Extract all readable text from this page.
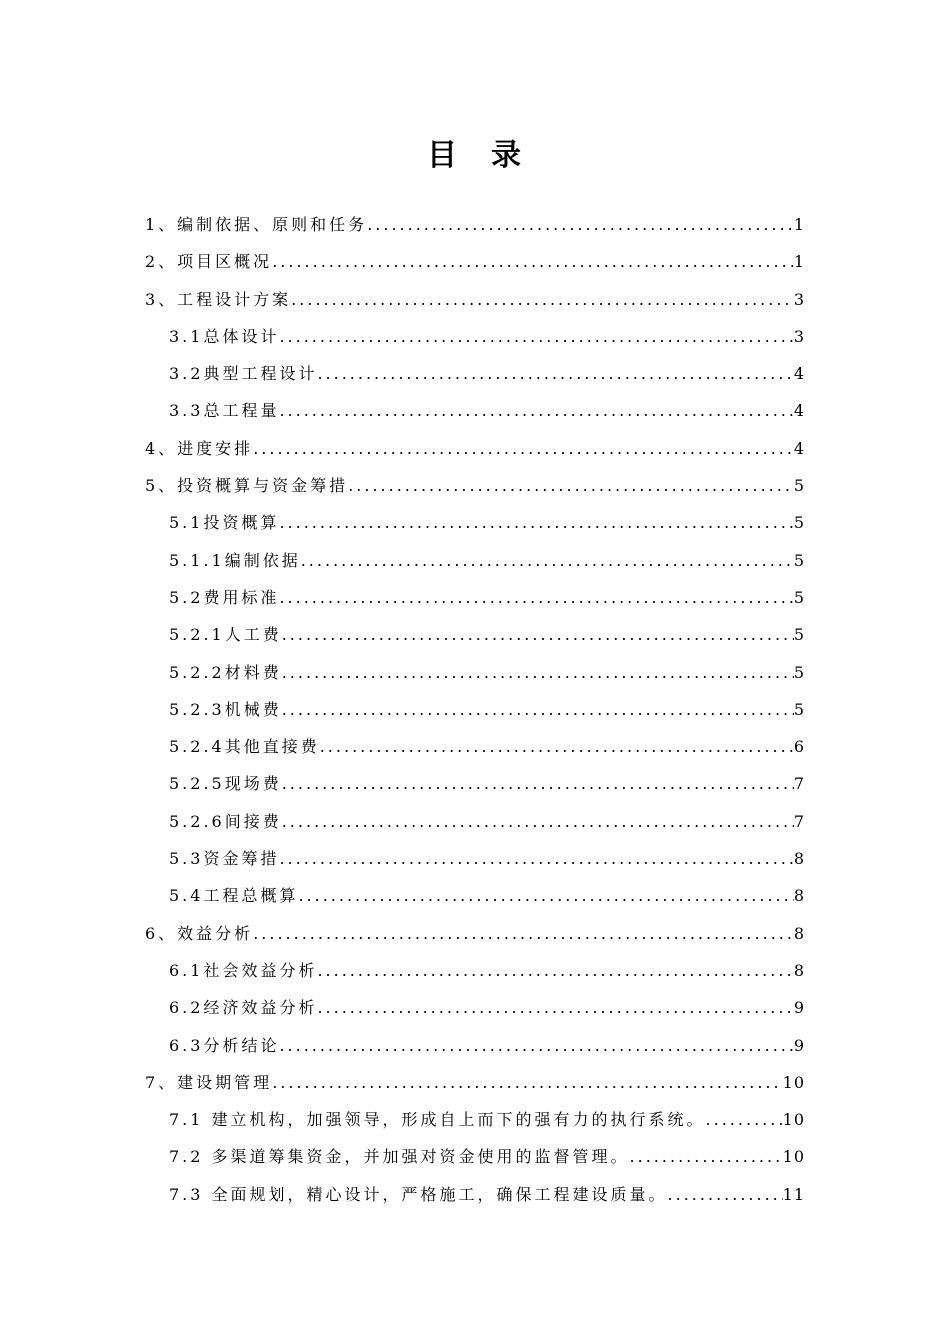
目　录
1、编制依据、原则和任务 .....	1
2、项目区概况 .....	1
3、工程设计方案 .....	3
3.1总体设计 .....	3
3.2典型工程设计 .....	4
3.3总工程量 .....	4
4、进度安排 .....	4
5、投资概算与资金筹措 .....	5
5.1投资概算 .....	5
5.1.1编制依据 .....	5
5.2费用标准 .....	5
5.2.1人工费 .....	5
5.2.2材料费 .....	5
5.2.3机械费 .....	5
5.2.4其他直接费 .....	6
5.2.5现场费 .....	7
5.2.6间接费 .....	7
5.3资金筹措 .....	8
5.4工程总概算 .....	8
6、效益分析 .....	8
6.1社会效益分析 .....	8
6.2经济效益分析 .....	9
6.3分析结论 .....	9
7、建设期管理 .....	10
7.1 建立机构，加强领导，形成自上而下的强有力的执行系统。 .....	10
7.2 多渠道筹集资金，并加强对资金使用的监督管理。 .....	10
7.3 全面规划，精心设计，严格施工，确保工程建设质量。 .....	11
